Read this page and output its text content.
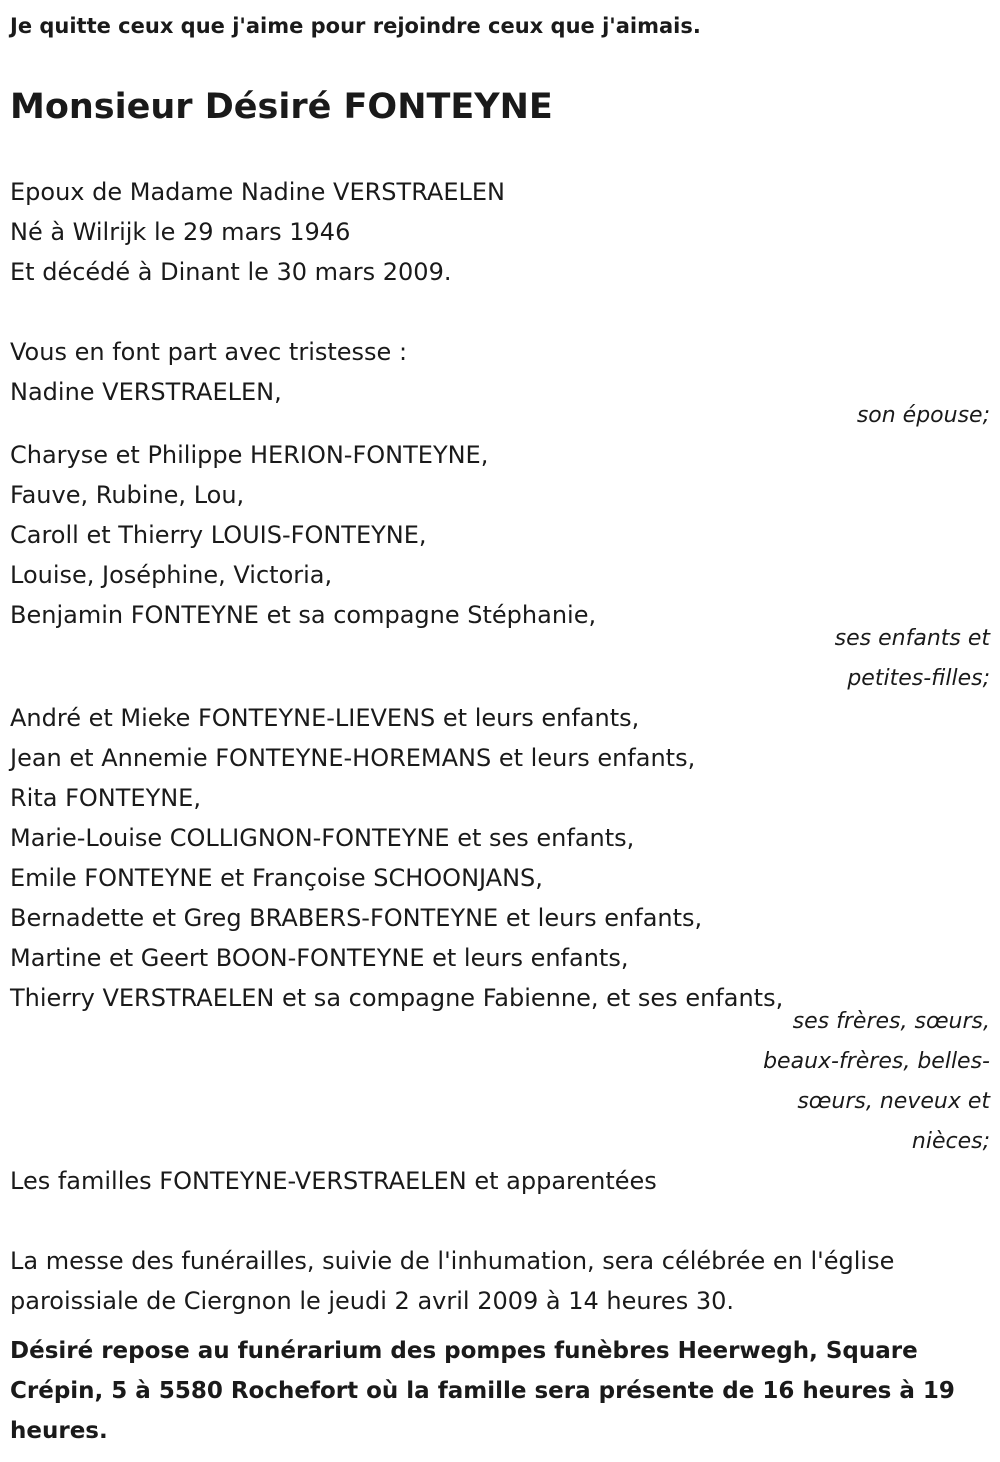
Je quitte ceux que j'aime pour rejoindre ceux que j'aimais.
Monsieur Désiré FONTEYNE
Epoux de Madame Nadine VERSTRAELEN
Né à Wilrijk le 29 mars 1946
Et décédé à Dinant le 30 mars 2009.
Vous en font part avec tristesse :
Nadine VERSTRAELEN,
son épouse;
Charyse et Philippe HERION-FONTEYNE,
Fauve, Rubine, Lou,
Caroll et Thierry LOUIS-FONTEYNE,
Louise, Joséphine, Victoria,
Benjamin FONTEYNE et sa compagne Stéphanie,
ses enfants et
petites-filles;
André et Mieke FONTEYNE-LIEVENS et leurs enfants,
Jean et Annemie FONTEYNE-HOREMANS et leurs enfants,
Rita FONTEYNE,
Marie-Louise COLLIGNON-FONTEYNE et ses enfants,
Emile FONTEYNE et Françoise SCHOONJANS,
Bernadette et Greg BRABERS-FONTEYNE et leurs enfants,
Martine et Geert BOON-FONTEYNE et leurs enfants,
Thierry VERSTRAELEN et sa compagne Fabienne, et ses enfants,
ses frères, sœurs,
beaux-frères, belles-
sœurs, neveux et
nièces;
Les familles FONTEYNE-VERSTRAELEN et apparentées
La messe des funérailles, suivie de l'inhumation, sera célébrée en l'église
paroissiale de Ciergnon le jeudi 2 avril 2009 à 14 heures 30.
Désiré repose au funérarium des pompes funèbres Heerwegh, Square Crépin, 5 à 5580 Rochefort où la famille sera présente de 16 heures à 19 heures.
